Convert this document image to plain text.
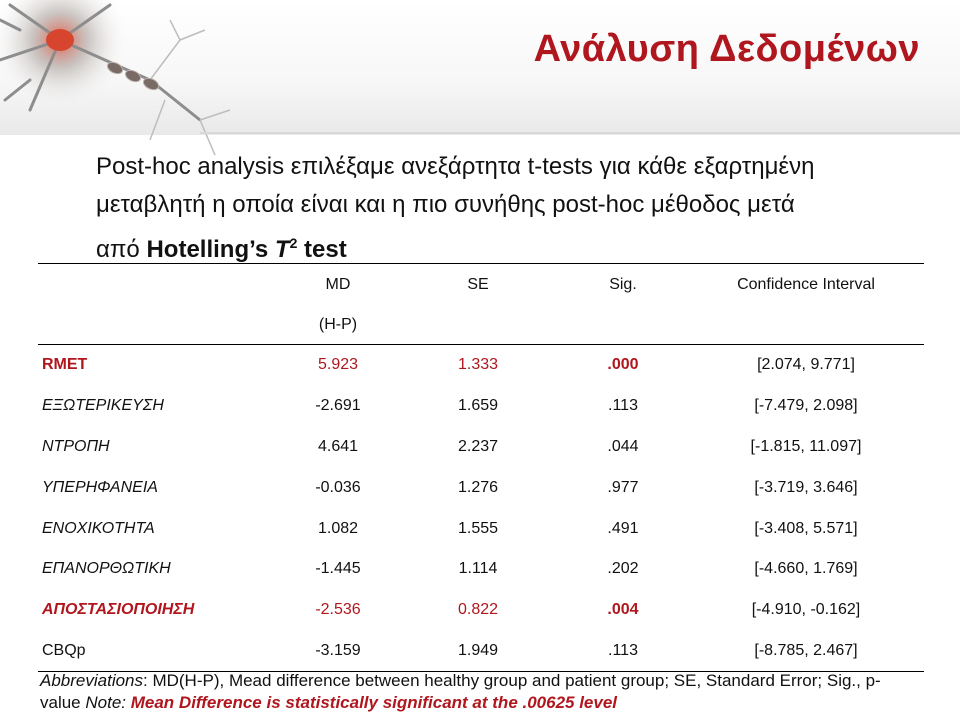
Ανάλυση Δεδομένων
Post-hoc analysis επιλέξαμε ανεξάρτητα t-tests για κάθε εξαρτημένη
μεταβλητή η οποία είναι και η πιο συνήθης post-hoc μέθοδος μετά
από Hotelling’s $T^2$ test
	MD	SE	Sig.	Confidence Interval
	(H-P)			
RMET	5.923	1.333	.000	[2.074, 9.771]
ΕΞΩΤΕΡΙΚΕΥΣΗ	-2.691	1.659	.113	[-7.479, 2.098]
ΝΤΡΟΠΗ	4.641	2.237	.044	[-1.815, 11.097]
ΥΠΕΡΗΦΑΝΕΙΑ	-0.036	1.276	.977	[-3.719, 3.646]
ΕΝΟΧΙΚΟΤΗΤΑ	1.082	1.555	.491	[-3.408, 5.571]
ΕΠΑΝΟΡΘΩΤΙΚΗ	-1.445	1.114	.202	[-4.660, 1.769]
ΑΠΟΣΤΑΣΙΟΠΟΙΗΣΗ	-2.536	0.822	.004	[-4.910, -0.162]
CBQp	-3.159	1.949	.113	[-8.785, 2.467]
Abbreviations: MD(H-P), Mead difference between healthy group and patient group; SE, Standard Error; Sig., p-value Note: Mean Difference is statistically significant at the .00625 level
